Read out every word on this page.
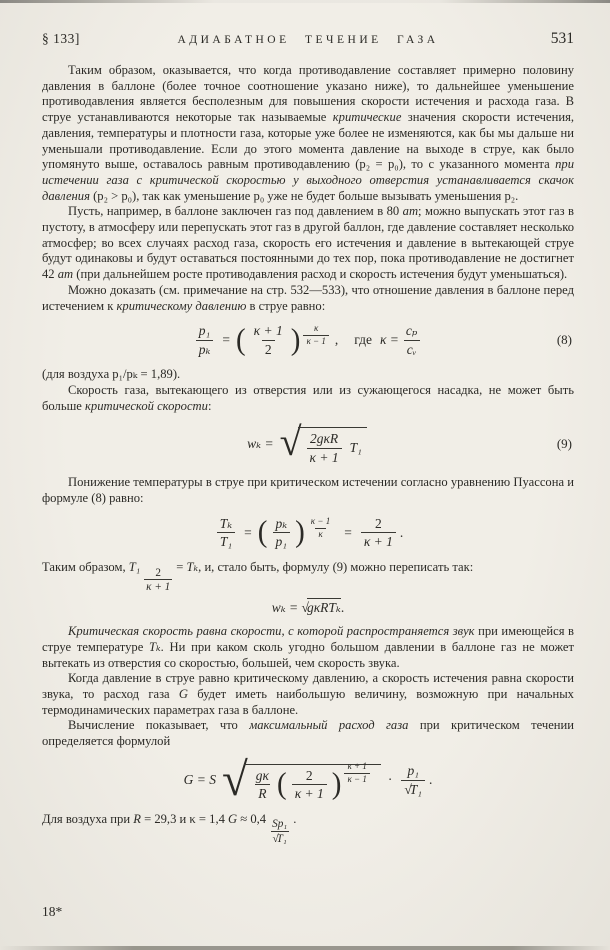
§ 133]	АДИАБАТНОЕ ТЕЧЕНИЕ ГАЗА	531

Таким образом, оказывается, что когда противодавление составляет примерно половину давления в баллоне (более точное соотношение указано ниже), то дальнейшее уменьшение противодавления является бесполезным для повышения скорости истечения и расхода газа. В струе устанавливаются некоторые так называемые критические значения скорости истечения, давления, температуры и плотности газа, которые уже более не изменяются, как бы мы дальше ни уменьшали противодавление. Если до этого момента давление на выходе в струе, как было упомянуто выше, оставалось равным противодавлению (p₂ = p₀), то с указанного момента при истечении газа с критической скоростью у выходного отверстия устанавливается скачок давления (p₂ > p₀), так как уменьшение p₀ уже не будет больше вызывать уменьшения p₂.

Пусть, например, в баллоне заключен газ под давлением в 80 ат; можно выпускать этот газ в пустоту, в атмосферу или перепускать этот газ в другой баллон, где давление составляет несколько атмосфер; во всех случаях расход газа, скорость его истечения и давление в вытекающей струе будут одинаковы и будут оставаться постоянными до тех пор, пока противодавление не достигнет 42 ат (при дальнейшем росте противодавления расход и скорость истечения будут уменьшаться).

Можно доказать (см. примечание на стр. 532—533), что отношение давления в баллоне перед истечением к критическому давлению в струе равно:

$\frac{\text{p₁}}{\text{pₖ}}$ = ( $\frac{\kappa + 1}{2}$ ) $\frac{\kappa}{\kappa - 1}$ , где $\kappa = \frac{\text{cₚ}}{\text{cᵥ}}$	(8)

(для воздуха p₁/pₖ = 1,89).

Скорость газа, вытекающего из отверстия или из сужающегося насадка, не может быть больше критической скорости:

wₖ = √ $\frac{\text{2gκR}}{\kappa + 1} T_1$	(9)

Понижение температуры в струе при критическом истечении согласно уравнению Пуассона и формуле (8) равно:

$\frac{\text{Tₖ}}{\text{T₁}}$ = ( $\frac{\text{pₖ}}{\text{p₁}}$ ) $\frac{\kappa - 1}{\kappa} = \frac{2}{\kappa + 1}$ .

Таким образом, $T_1 \frac{2}{\kappa + 1} = T_k$, и, стало быть, формулу (9) можно переписать так:

wₖ = √gκRTₖ.

Критическая скорость равна скорости, с которой распространяется звук при имеющейся в струе температуре Tₖ. Ни при каком сколь угодно большом давлении в баллоне газ не может вытекать из отверстия со скоростью, большей, чем скорость звука.

Когда давление в струе равно критическому давлению, а скорость истечения равна скорости звука, то расход газа G будет иметь наибольшую величину, возможную при начальных термодинамических параметрах газа в баллоне.

Вычисление показывает, что максимальный расход газа при критическом течении определяется формулой

G = S √ $\frac{g\kappa}{R}$ ( $\frac{2}{\kappa + 1}$ ) $\frac{\kappa + 1}{\kappa - 1} \cdot \frac{\text{p₁}}{\text{√T₁}}$ .

Для воздуха при R = 29,3 и κ = 1,4 $G \approx 0,4 \frac{\text{Sp₁}}{\text{√T₁}}$ .

18*
